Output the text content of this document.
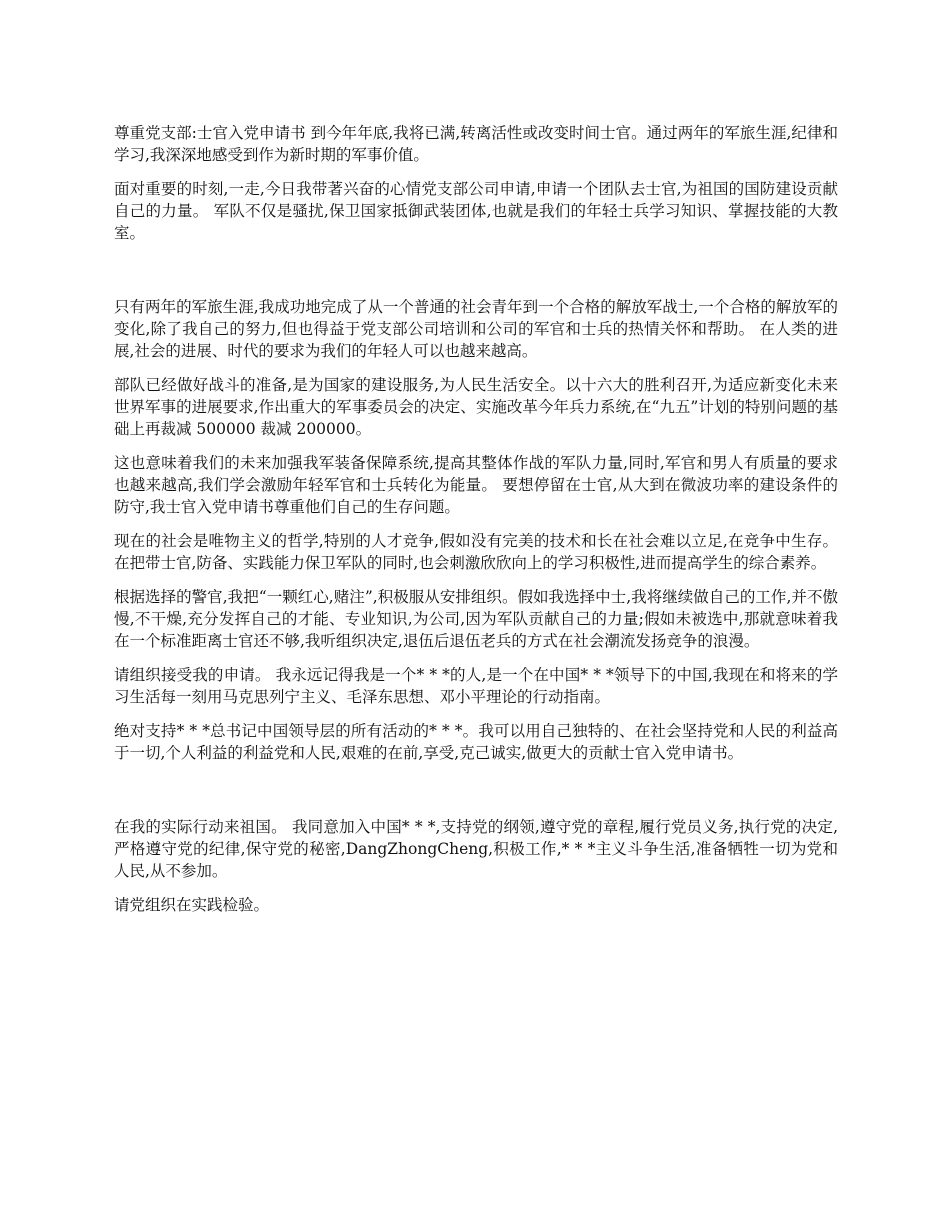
尊重党支部:士官入党申请书 到今年年底,我将已满,转离活性或改变时间士官。通过两年的军旅生涯,纪律和学习,我深深地感受到作为新时期的军事价值。

面对重要的时刻,一走,今日我带著兴奋的心情党支部公司申请,申请一个团队去士官,为祖国的国防建设贡献自己的力量。 军队不仅是骚扰,保卫国家抵御武装团体,也就是我们的年轻士兵学习知识、掌握技能的大教室。

只有两年的军旅生涯,我成功地完成了从一个普通的社会青年到一个合格的解放军战士,一个合格的解放军的变化,除了我自己的努力,但也得益于党支部公司培训和公司的军官和士兵的热情关怀和帮助。 在人类的进展,社会的进展、时代的要求为我们的年轻人可以也越来越高。

部队已经做好战斗的准备,是为国家的建设服务,为人民生活安全。以十六大的胜利召开,为适应新变化未来世界军事的进展要求,作出重大的军事委员会的决定、实施改革今年兵力系统,在“九五”计划的特别问题的基础上再裁减 500000 裁减 200000。

这也意味着我们的未来加强我军装备保障系统,提高其整体作战的军队力量,同时,军官和男人有质量的要求也越来越高,我们学会激励年轻军官和士兵转化为能量。 要想停留在士官,从大到在微波功率的建设条件的防守,我士官入党申请书尊重他们自己的生存问题。

现在的社会是唯物主义的哲学,特别的人才竞争,假如没有完美的技术和长在社会难以立足,在竞争中生存。在把带士官,防备、实践能力保卫军队的同时,也会刺激欣欣向上的学习积极性,进而提高学生的综合素养。

根据选择的警官,我把“一颗红心,赌注”,积极服从安排组织。假如我选择中士,我将继续做自己的工作,并不傲慢,不干燥,充分发挥自己的才能、专业知识,为公司,因为军队贡献自己的力量;假如未被选中,那就意味着我在一个标准距离士官还不够,我听组织决定,退伍后退伍老兵的方式在社会潮流发扬竞争的浪漫。

请组织接受我的申请。 我永远记得我是一个* * *的人,是一个在中国* * *领导下的中国,我现在和将来的学习生活每一刻用马克思列宁主义、毛泽东思想、邓小平理论的行动指南。

绝对支持* * *总书记中国领导层的所有活动的* * *。我可以用自己独特的、在社会坚持党和人民的利益高于一切,个人利益的利益党和人民,艰难的在前,享受,克己诚实,做更大的贡献士官入党申请书。

在我的实际行动来祖国。 我同意加入中国* * *,支持党的纲领,遵守党的章程,履行党员义务,执行党的决定,严格遵守党的纪律,保守党的秘密,DangZhongCheng,积极工作,* * *主义斗争生活,准备牺牲一切为党和人民,从不参加。

请党组织在实践检验。
